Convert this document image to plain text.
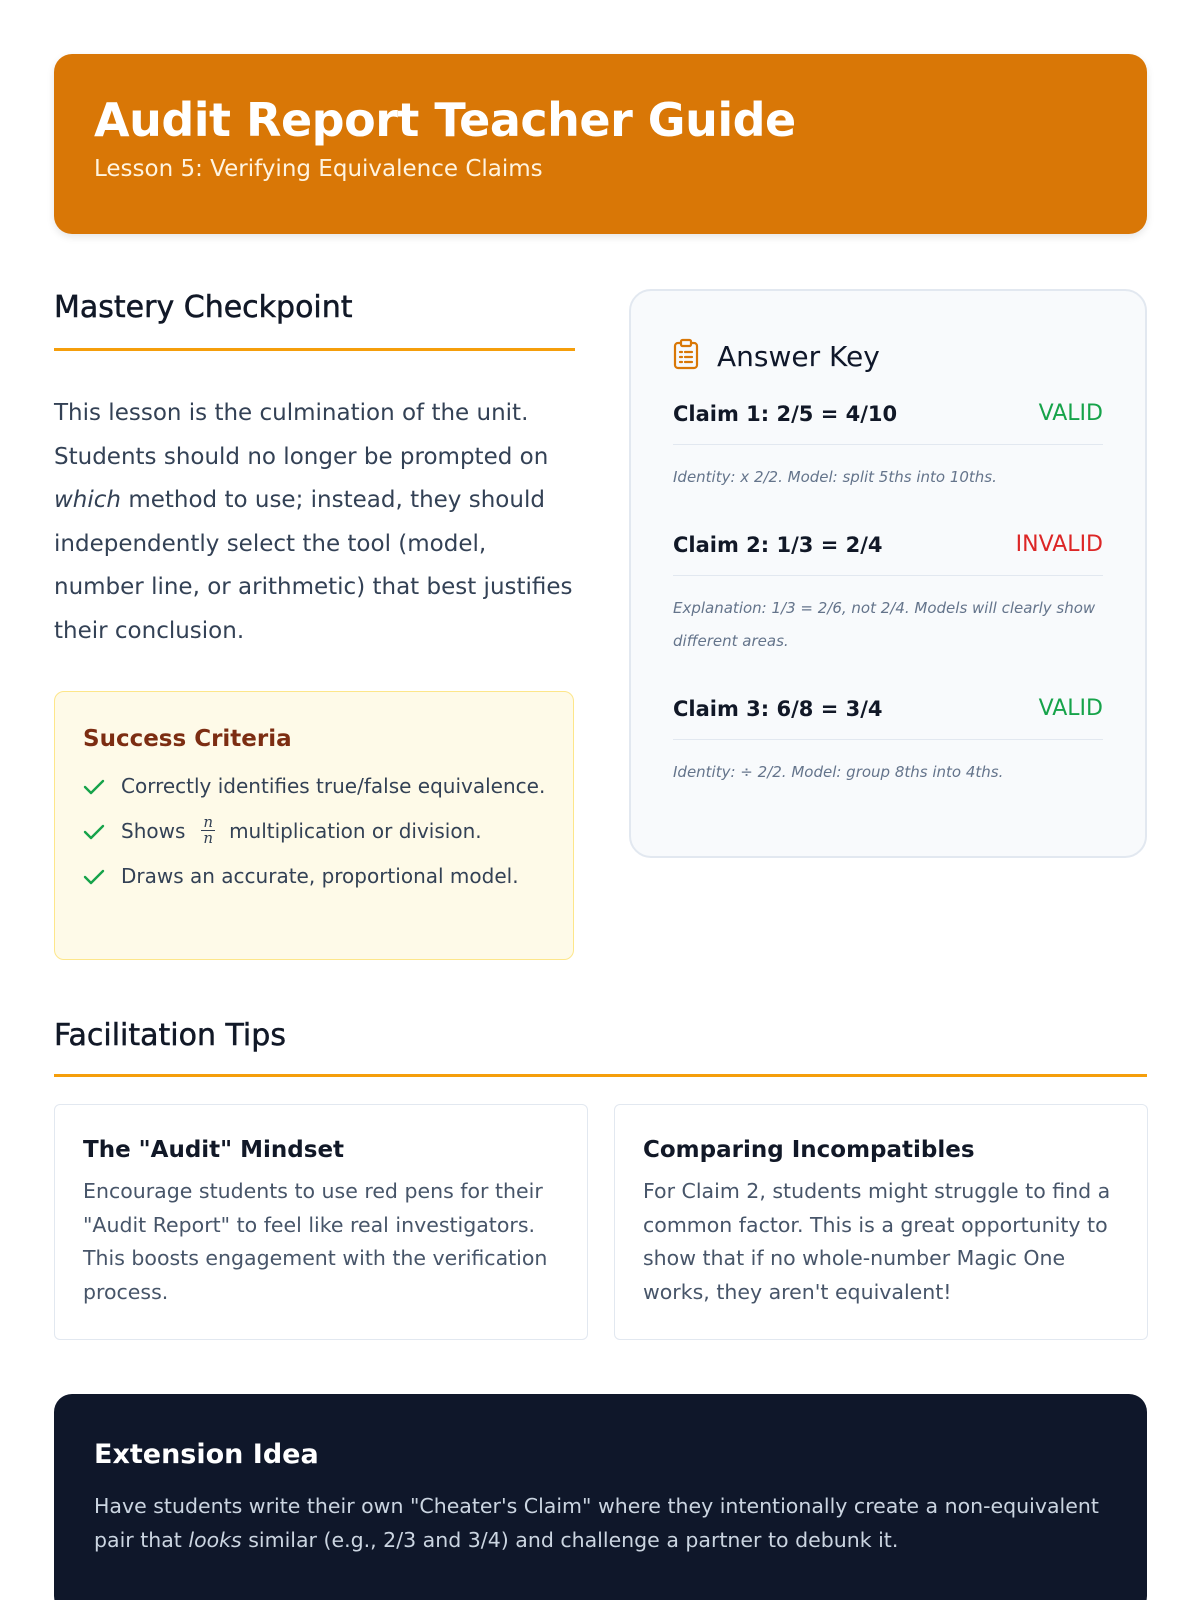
Audit Report Teacher Guide
Lesson 5: Verifying Equivalence Claims
Mastery Checkpoint

This lesson is the culmination of the unit. Students should no longer be prompted on which method to use; instead, they should independently select the tool (model, number line, or arithmetic) that best justifies their conclusion.

Success Criteria
Correctly identifies true/false equivalence.
Shows $\frac{n}{n}$ multiplication or division.
Draws an accurate, proportional model.
Answer Key
Claim 1: 2/5 = 4/10	VALID
Identity: x 2/2. Model: split 5ths into 10ths.
Claim 2: 1/3 = 2/4	INVALID
Explanation: 1/3 = 2/6, not 2/4. Models will clearly show different areas.
Claim 3: 6/8 = 3/4	VALID
Identity: ÷ 2/2. Model: group 8ths into 4ths.
Facilitation Tips
The "Audit" Mindset
Encourage students to use red pens for their "Audit Report" to feel like real investigators. This boosts engagement with the verification process.
Comparing Incompatibles
For Claim 2, students might struggle to find a common factor. This is a great opportunity to show that if no whole-number Magic One works, they aren't equivalent!
Extension Idea

Have students write their own "Cheater's Claim" where they intentionally create a non-equivalent pair that looks similar (e.g., 2/3 and 3/4) and challenge a partner to debunk it.
